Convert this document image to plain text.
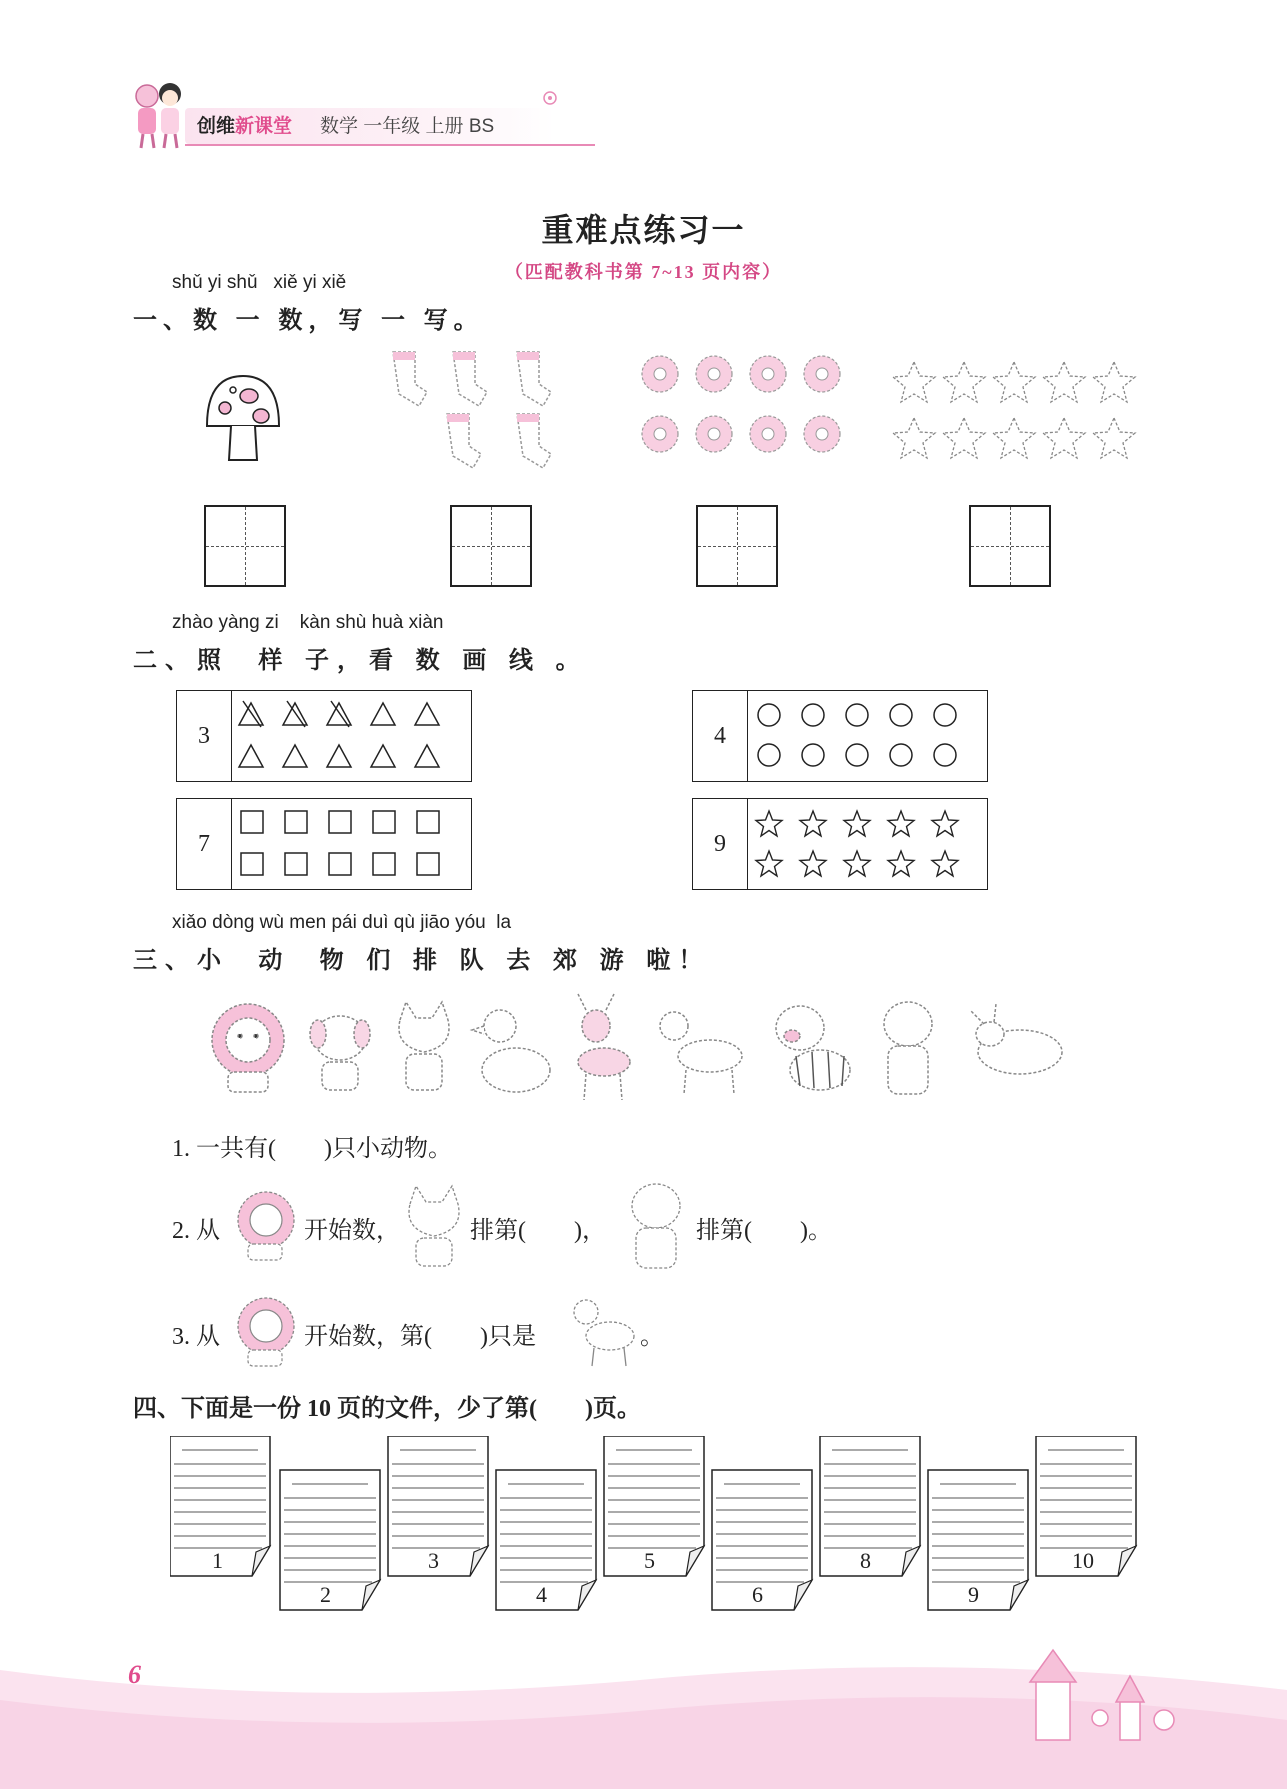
创维新课堂 数学 一年级 上册 BS
重难点练习一
（匹配教科书第 7~13 页内容）
shǔ yi shǔ   xiě yi xiě
一、数 一 数，写 一 写。
zhào yàng zi    kàn shù huà xiàn
二、照  样 子，看 数 画 线 。
3	4
7	9
xiǎo dòng wù men pái duì qù jiāo yóu  la
三、小  动  物 们 排 队 去 郊 游 啦！
1. 一共有(        )只小动物。
2. 从	开始数，	排第(        )，	排第(        )。
3. 从	开始数，第(        )只是	。
四、下面是一份 10 页的文件，少了第(        )页。
1
2
3
4
5
6
8
9
10
6
